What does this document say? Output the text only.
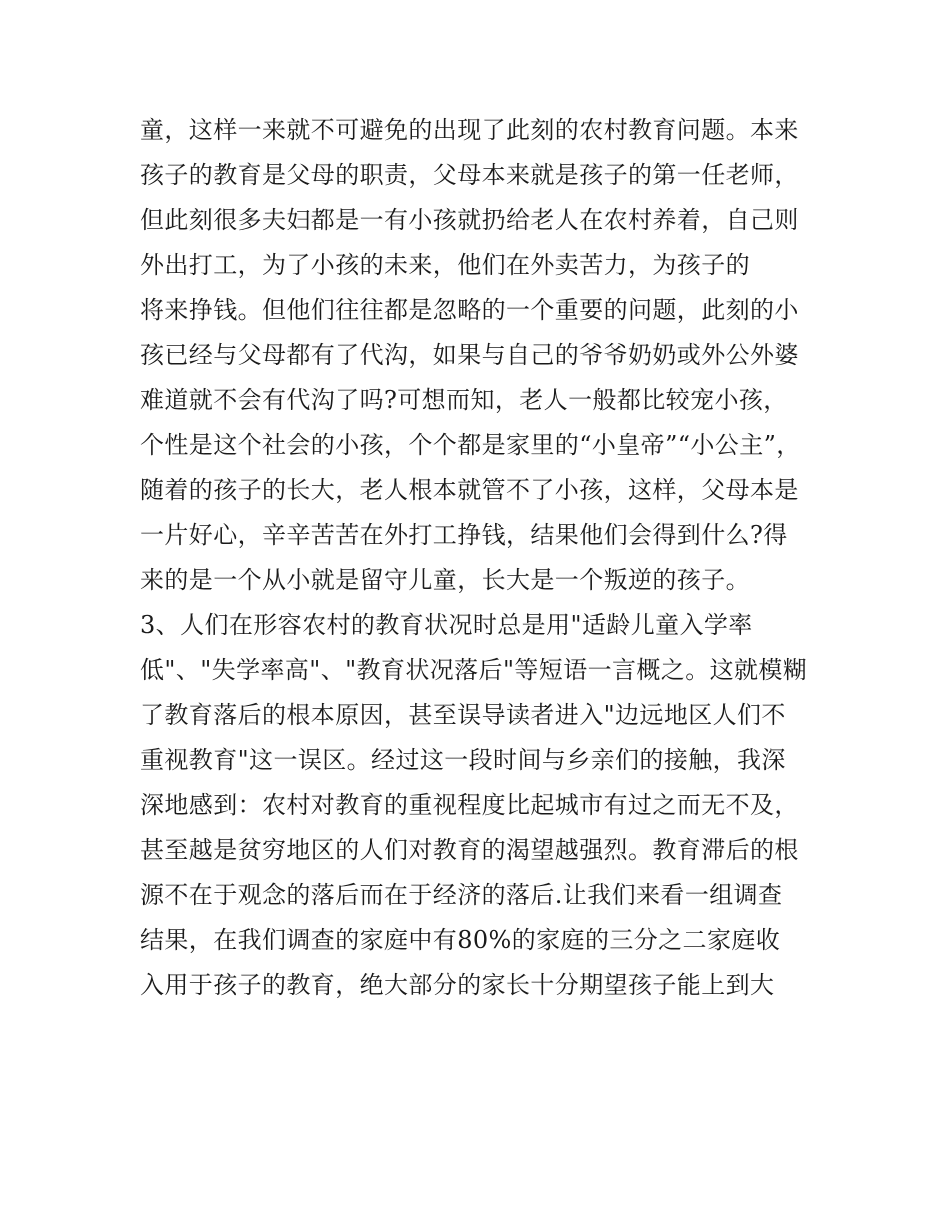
童，这样一来就不可避免的出现了此刻的农村教育问题。本来
孩子的教育是父母的职责，父母本来就是孩子的第一任老师，
但此刻很多夫妇都是一有小孩就扔给老人在农村养着，自己则
外出打工，为了小孩的未来，他们在外卖苦力，为孩子的
将来挣钱。但他们往往都是忽略的一个重要的问题，此刻的小
孩已经与父母都有了代沟，如果与自己的爷爷奶奶或外公外婆
难道就不会有代沟了吗?可想而知，老人一般都比较宠小孩，
个性是这个社会的小孩，个个都是家里的“小皇帝”“小公主”，
随着的孩子的长大，老人根本就管不了小孩，这样，父母本是
一片好心，辛辛苦苦在外打工挣钱，结果他们会得到什么?得
来的是一个从小就是留守儿童，长大是一个叛逆的孩子。
3、人们在形容农村的教育状况时总是用"适龄儿童入学率
低"、"失学率高"、"教育状况落后"等短语一言概之。这就模糊
了教育落后的根本原因，甚至误导读者进入"边远地区人们不
重视教育"这一误区。经过这一段时间与乡亲们的接触，我深
深地感到：农村对教育的重视程度比起城市有过之而无不及，
甚至越是贫穷地区的人们对教育的渴望越强烈。教育滞后的根
源不在于观念的落后而在于经济的落后.让我们来看一组调查
结果，在我们调查的家庭中有80%的家庭的三分之二家庭收
入用于孩子的教育，绝大部分的家长十分期望孩子能上到大
